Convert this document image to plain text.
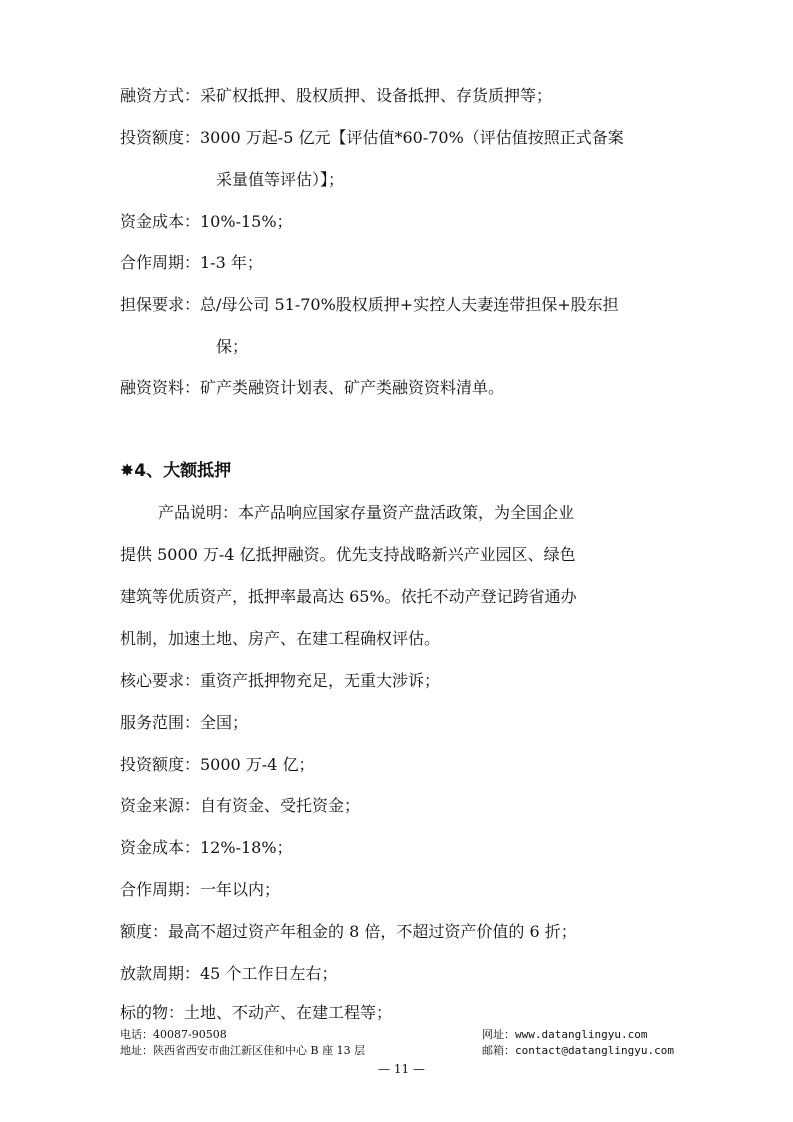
融资方式：采矿权抵押、股权质押、设备抵押、存货质押等；
投资额度：3000 万起-5 亿元【评估值*60-70%（评估值按照正式备案
采量值等评估）】；
资金成本：10%-15%；
合作周期：1-3 年；
担保要求：总/母公司 51-70%股权质押+实控人夫妻连带担保+股东担
保；
融资资料：矿产类融资计划表、矿产类融资资料清单。
✸4、大额抵押
产品说明：本产品响应国家存量资产盘活政策，为全国企业
提供 5000 万-4 亿抵押融资。优先支持战略新兴产业园区、绿色
建筑等优质资产，抵押率最高达 65%。依托不动产登记跨省通办
机制，加速土地、房产、在建工程确权评估。
核心要求：重资产抵押物充足，无重大涉诉；
服务范围：全国；
投资额度：5000 万-4 亿；
资金来源：自有资金、受托资金；
资金成本：12%-18%；
合作周期：一年以内；
额度：最高不超过资产年租金的 8 倍，不超过资产价值的 6 折；
放款周期：45 个工作日左右；
标的物：土地、不动产、在建工程等；
电话：40087-90508
地址：陕西省西安市曲江新区佳和中心 B 座 13 层
网址：www.datanglingyu.com
邮箱：contact@datanglingyu.com
— 11 —
